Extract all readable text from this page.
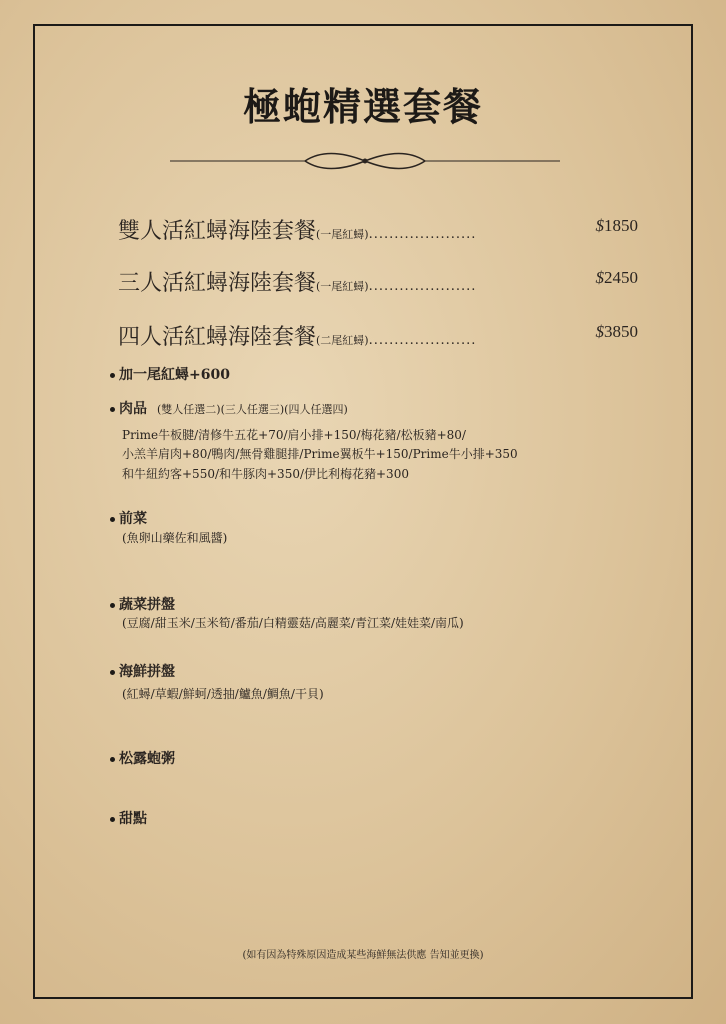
極蚫精選套餐
雙人活紅蟳海陸套餐(一尾紅蟳).....................	$1850
三人活紅蟳海陸套餐(一尾紅蟳).....................	$2450
四人活紅蟳海陸套餐(二尾紅蟳).....................	$3850
加一尾紅蟳+600
肉品 (雙人任選二)(三人任選三)(四人任選四)
Prime牛板腱/清修牛五花+70/肩小排+150/梅花豬/松板豬+80/
小羔羊肩肉+80/鴨肉/無骨雞腿排/Prime翼板牛+150/Prime牛小排+350
和牛紐約客+550/和牛豚肉+350/伊比利梅花豬+300
前菜
(魚卵山藥佐和風醬)
蔬菜拼盤
(豆腐/甜玉米/玉米筍/番茄/白精靈菇/高麗菜/青江菜/娃娃菜/南瓜)
海鮮拼盤
(紅蟳/草蝦/鮮蚵/透抽/鱸魚/鯛魚/干貝)
松露蚫粥
甜點
(如有因為特殊原因造成某些海鮮無法供應 告知並更換)
